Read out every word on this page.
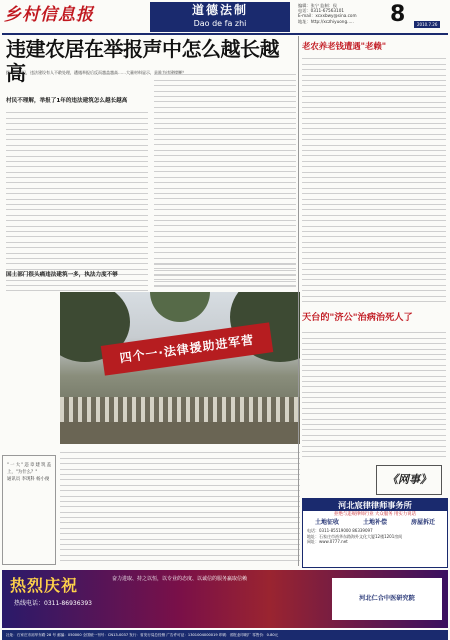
乡村信息报	道德法制
Dao de fa zhi
编辑：张宁 监制：侯
电话：0311-67563101
E-mail：xcxxbwy@sina.com
地址：http://xczhiyuong.....	8	2010.7.26
违建农居在举报声中怎么越长越高
拨市民来报，违法建设有人不敢处理，遭遇举报后反而越盖越高……大量材料显示，是谁为违建撑腰？
村民不理解，举报了1年的违法建筑怎么越长越高
国土部门很头痛违法建筑一多，执法力度不够
四个一·法律援助进军营
"一大"违章建筑盖上，"为什么？"
通讯员 李现科 杨小俊
老农养老钱遭遇"老赖"
天台的"济公"治病治死人了
《网事》
河北宸律律师事务所
拒绝与违规律师行业 大众服务 用实力说话
土地征收	土地补偿	房屋拆迁
电话：0311-85519000 86339097
地址：石家庄市裕华东路海外文化大厦12楼1201房间
网址：www.0777.net
热烈庆祝
热线电话：0311-86936393
奋力进取、持之以恒，以专业的态度、以诚信的服务赢取信赖
河北仁合中医研究院
社址：石家庄市裕华东路 28 号 邮编：050000 全国统一刊号：CN13-0037 发行：省发行局总经销 广告许可证：1301004000019 印刷：省报业印刷厂 零售价：0.80元
